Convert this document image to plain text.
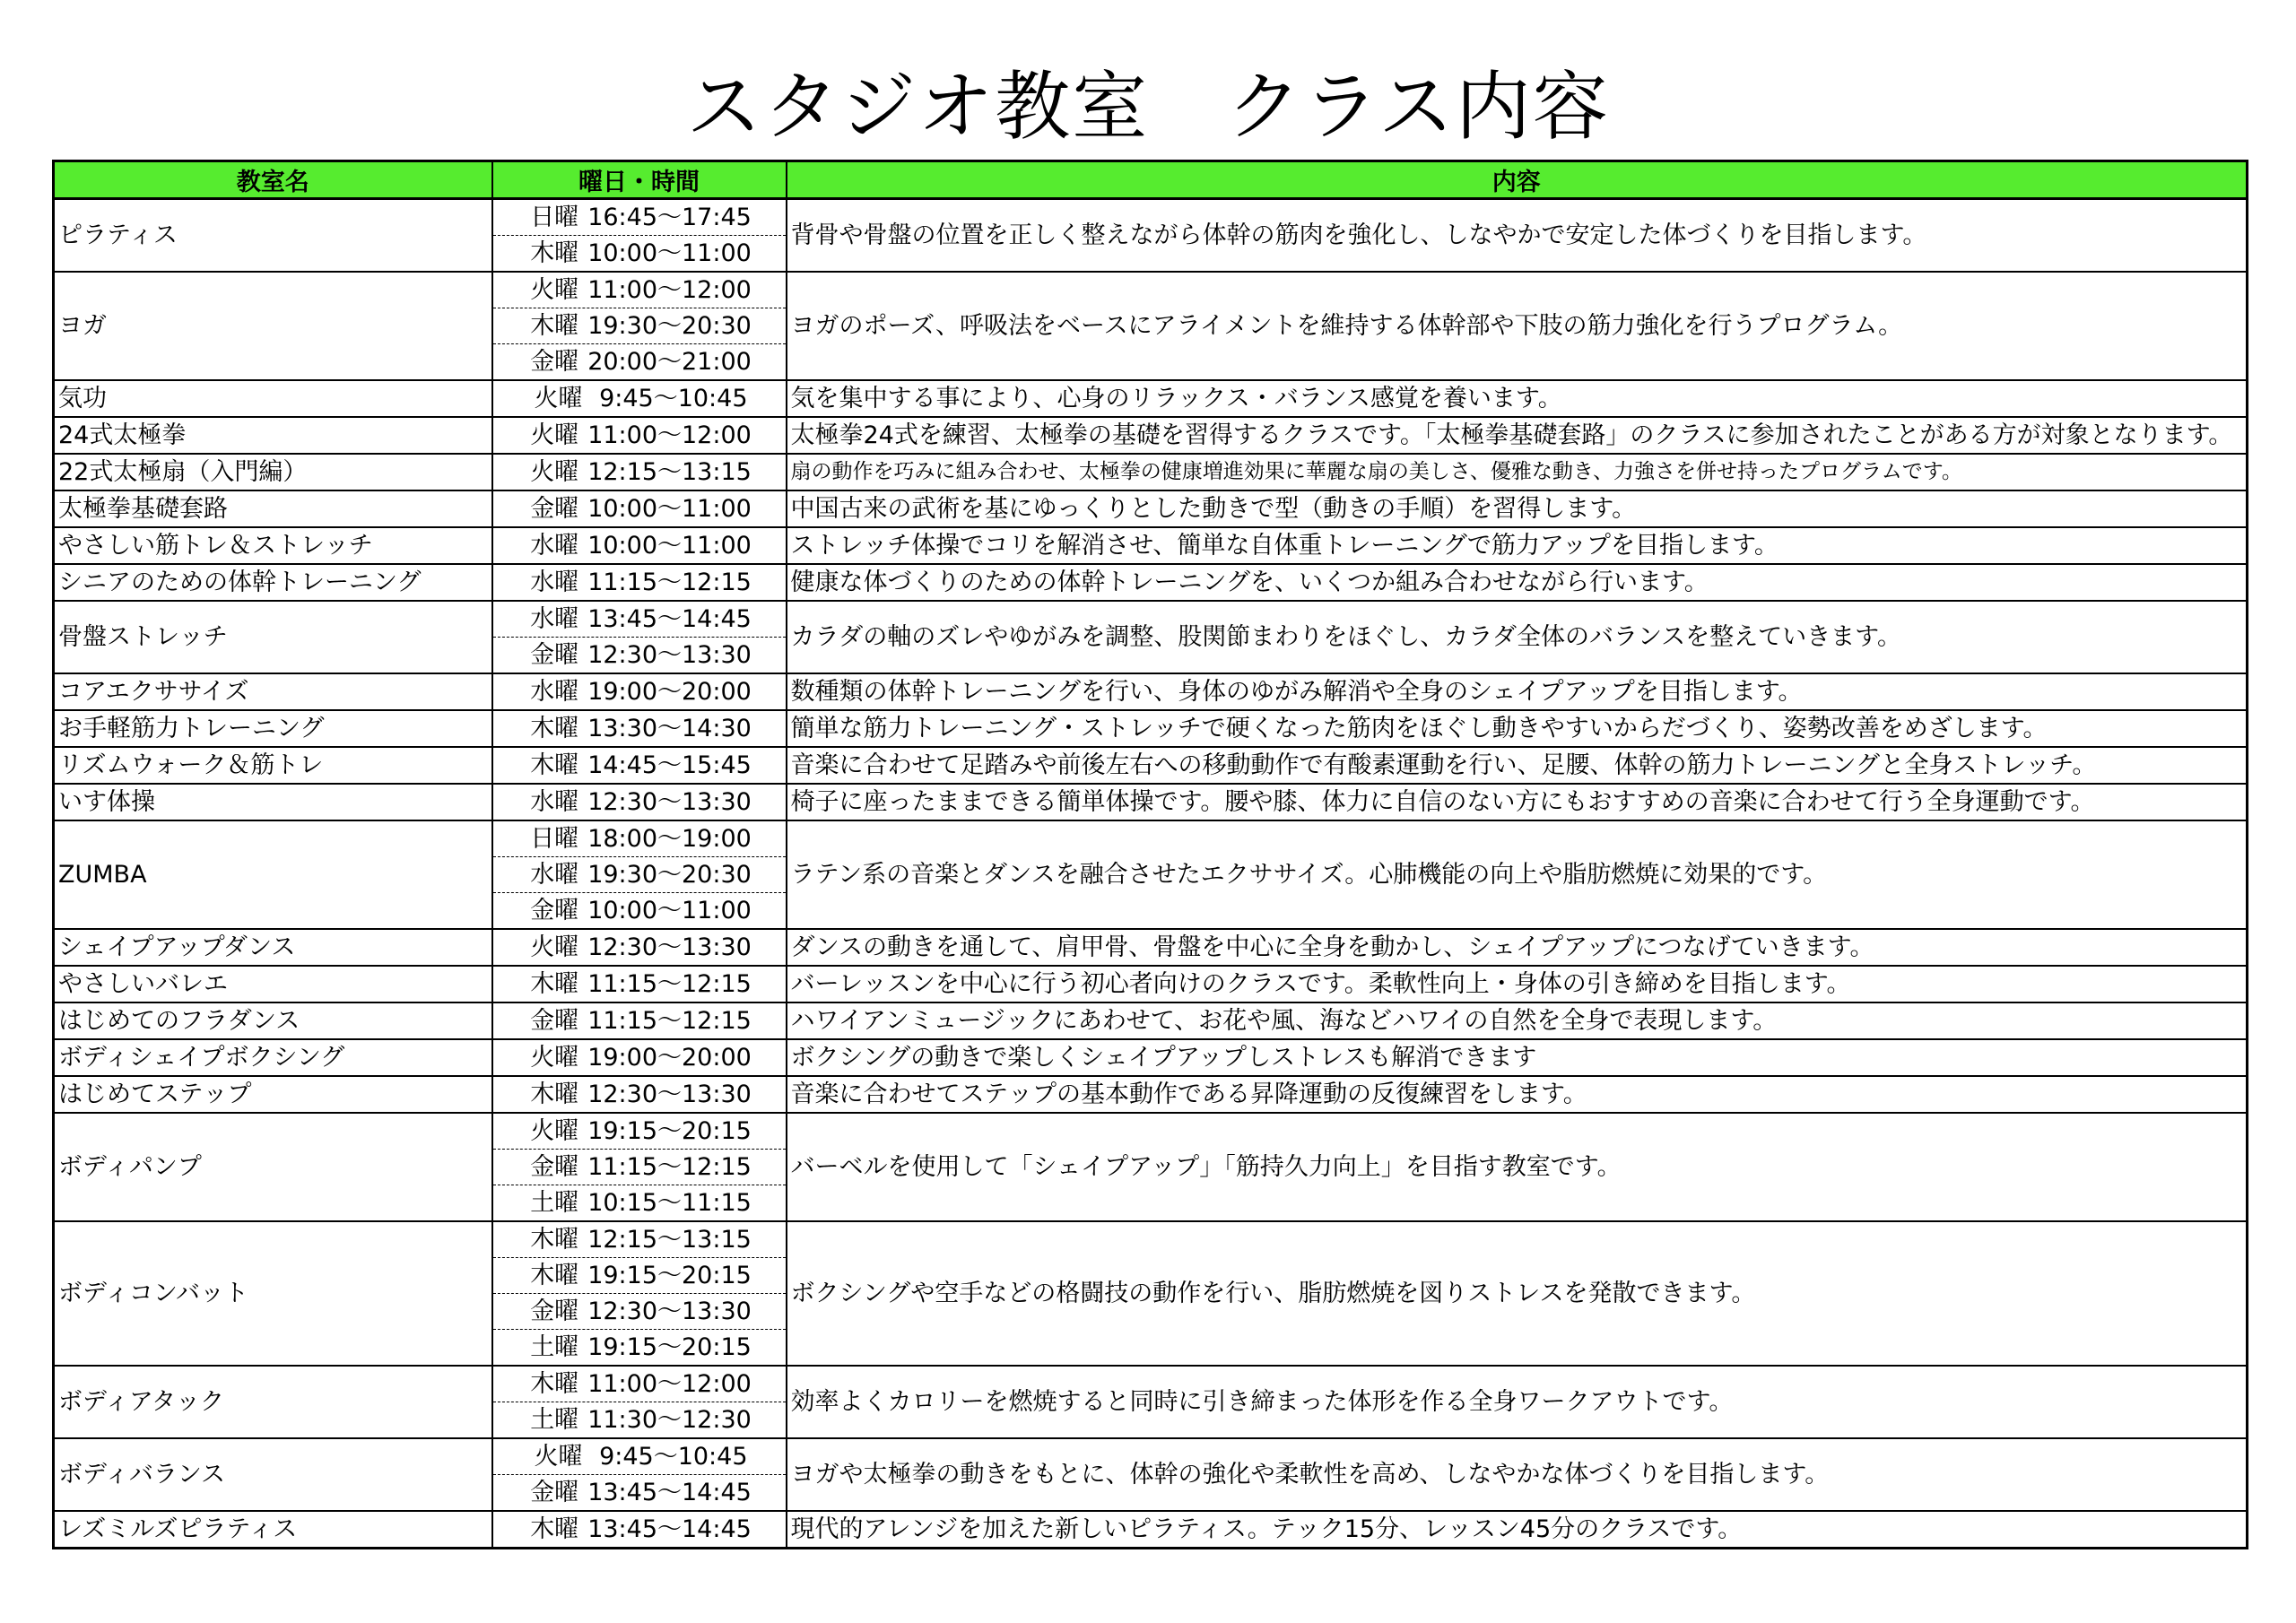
スタジオ教室　クラス内容
教室名	曜日・時間	内容
ピラティス	日曜 16:45～17:45	背骨や骨盤の位置を正しく整えながら体幹の筋肉を強化し、しなやかで安定した体づくりを目指します。
	木曜 10:00～11:00	
ヨガ	火曜 11:00～12:00	ヨガのポーズ、呼吸法をベースにアライメントを維持する体幹部や下肢の筋力強化を行うプログラム。
	木曜 19:30～20:30	
	金曜 20:00～21:00	
気功	火曜 9:45～10:45	気を集中する事により、心身のリラックス・バランス感覚を養います。
24式太極拳	火曜 11:00～12:00	太極拳24式を練習、太極拳の基礎を習得するクラスです。「太極拳基礎套路」のクラスに参加されたことがある方が対象となります。
22式太極扇（入門編）	火曜 12:15～13:15	扇の動作を巧みに組み合わせ、太極拳の健康増進効果に華麗な扇の美しさ、優雅な動き、力強さを併せ持ったプログラムです。
太極拳基礎套路	金曜 10:00～11:00	中国古来の武術を基にゆっくりとした動きで型（動きの手順）を習得します。
やさしい筋トレ＆ストレッチ	水曜 10:00～11:00	ストレッチ体操でコリを解消させ、簡単な自体重トレーニングで筋力アップを目指します。
シニアのための体幹トレーニング	水曜 11:15～12:15	健康な体づくりのための体幹トレーニングを、いくつか組み合わせながら行います。
骨盤ストレッチ	水曜 13:45～14:45	カラダの軸のズレやゆがみを調整、股関節まわりをほぐし、カラダ全体のバランスを整えていきます。
	金曜 12:30～13:30	
コアエクササイズ	水曜 19:00～20:00	数種類の体幹トレーニングを行い、身体のゆがみ解消や全身のシェイプアップを目指します。
お手軽筋力トレーニング	木曜 13:30～14:30	簡単な筋力トレーニング・ストレッチで硬くなった筋肉をほぐし動きやすいからだづくり、姿勢改善をめざします。
リズムウォーク＆筋トレ	木曜 14:45～15:45	音楽に合わせて足踏みや前後左右への移動動作で有酸素運動を行い、足腰、体幹の筋力トレーニングと全身ストレッチ。
いす体操	水曜 12:30～13:30	椅子に座ったままできる簡単体操です。腰や膝、体力に自信のない方にもおすすめの音楽に合わせて行う全身運動です。
ZUMBA	日曜 18:00～19:00	ラテン系の音楽とダンスを融合させたエクササイズ。心肺機能の向上や脂肪燃焼に効果的です。
	水曜 19:30～20:30	
	金曜 10:00～11:00	
シェイプアップダンス	火曜 12:30～13:30	ダンスの動きを通して、肩甲骨、骨盤を中心に全身を動かし、シェイプアップにつなげていきます。
やさしいバレエ	木曜 11:15～12:15	バーレッスンを中心に行う初心者向けのクラスです。柔軟性向上・身体の引き締めを目指します。
はじめてのフラダンス	金曜 11:15～12:15	ハワイアンミュージックにあわせて、お花や風、海などハワイの自然を全身で表現します。
ボディシェイプボクシング	火曜 19:00～20:00	ボクシングの動きで楽しくシェイプアップしストレスも解消できます
はじめてステップ	木曜 12:30～13:30	音楽に合わせてステップの基本動作である昇降運動の反復練習をします。
ボディパンプ	火曜 19:15～20:15	バーベルを使用して「シェイプアップ」「筋持久力向上」を目指す教室です。
	金曜 11:15～12:15	
	土曜 10:15～11:15	
ボディコンバット	木曜 12:15～13:15	ボクシングや空手などの格闘技の動作を行い、脂肪燃焼を図りストレスを発散できます。
	木曜 19:15～20:15	
	金曜 12:30～13:30	
	土曜 19:15～20:15	
ボディアタック	木曜 11:00～12:00	効率よくカロリーを燃焼すると同時に引き締まった体形を作る全身ワークアウトです。
	土曜 11:30～12:30	
ボディバランス	火曜 9:45～10:45	ヨガや太極拳の動きをもとに、体幹の強化や柔軟性を高め、しなやかな体づくりを目指します。
	金曜 13:45～14:45	
レズミルズピラティス	木曜 13:45～14:45	現代的アレンジを加えた新しいピラティス。テック15分、レッスン45分のクラスです。
